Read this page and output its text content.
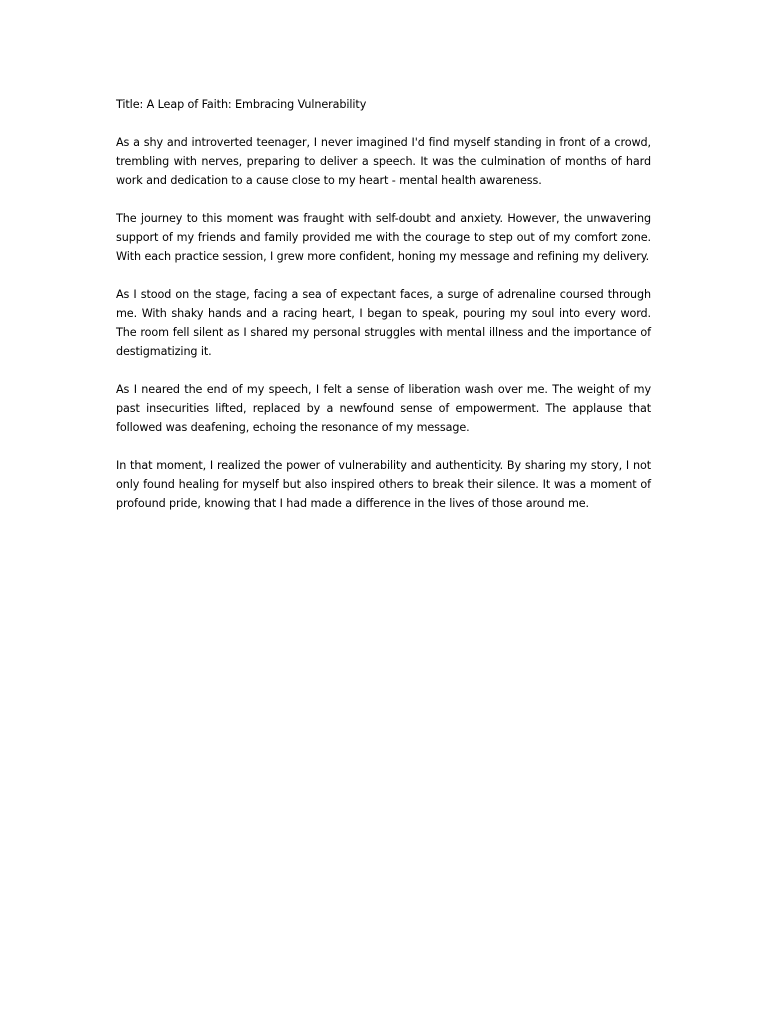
Title: A Leap of Faith: Embracing Vulnerability

As a shy and introverted teenager, I never imagined I'd find myself standing in front of a crowd, trembling with nerves, preparing to deliver a speech. It was the culmination of months of hard work and dedication to a cause close to my heart - mental health awareness.

The journey to this moment was fraught with self-doubt and anxiety. However, the unwavering support of my friends and family provided me with the courage to step out of my comfort zone. With each practice session, I grew more confident, honing my message and refining my delivery.

As I stood on the stage, facing a sea of expectant faces, a surge of adrenaline coursed through me. With shaky hands and a racing heart, I began to speak, pouring my soul into every word. The room fell silent as I shared my personal struggles with mental illness and the importance of destigmatizing it.

As I neared the end of my speech, I felt a sense of liberation wash over me. The weight of my past insecurities lifted, replaced by a newfound sense of empowerment. The applause that followed was deafening, echoing the resonance of my message.

In that moment, I realized the power of vulnerability and authenticity. By sharing my story, I not only found healing for myself but also inspired others to break their silence. It was a moment of profound pride, knowing that I had made a difference in the lives of those around me.
